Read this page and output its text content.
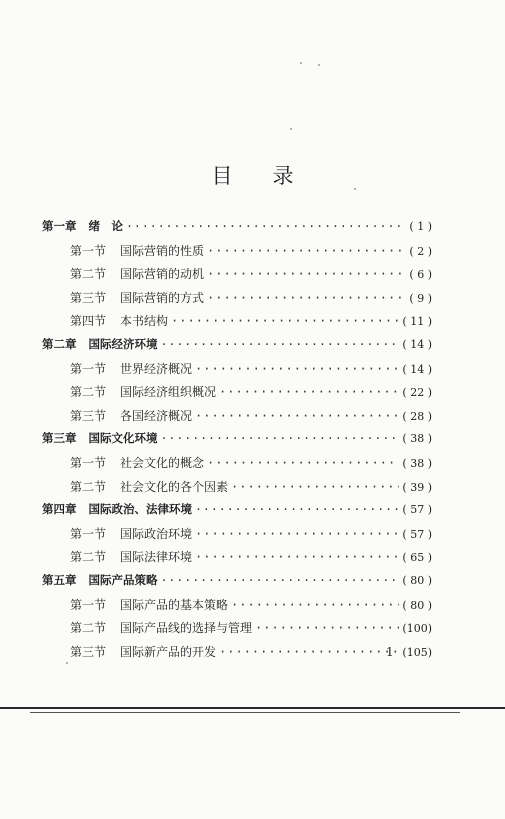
目 录
第一章 绪　论 ·····	( 1 )
第一节 国际营销的性质 ·····	( 2 )
第二节 国际营销的动机 ·····	( 6 )
第三节 国际营销的方式 ·····	( 9 )
第四节 本书结构 ·····	( 11 )
第二章 国际经济环境 ·····	( 14 )
第一节 世界经济概况 ·····	( 14 )
第二节 国际经济组织概况 ·····	( 22 )
第三节 各国经济概况 ·····	( 28 )
第三章 国际文化环境 ·····	( 38 )
第一节 社会文化的概念 ·····	( 38 )
第二节 社会文化的各个因素 ·····	( 39 )
第四章 国际政治、法律环境 ·····	( 57 )
第一节 国际政治环境 ·····	( 57 )
第二节 国际法律环境 ·····	( 65 )
第五章 国际产品策略 ·····	( 80 )
第一节 国际产品的基本策略 ·····	( 80 )
第二节 国际产品线的选择与管理 ·····	(100)
第三节 国际新产品的开发 ·····	(105)
1
